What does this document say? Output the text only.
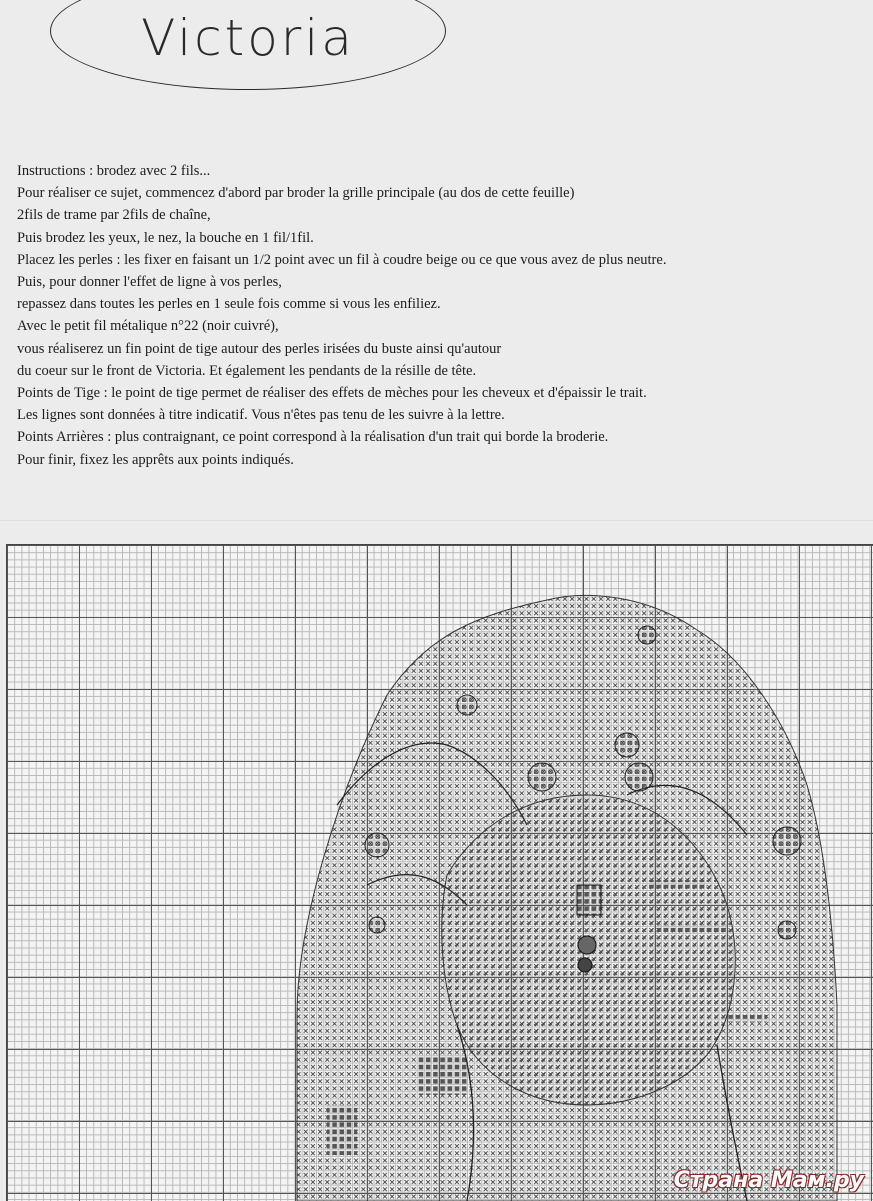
Victoria
Instructions : brodez avec 2 fils...
Pour réaliser ce sujet, commencez d'abord par broder la grille principale (au dos de cette feuille)
2fils de trame par 2fils de chaîne,
Puis brodez les yeux, le nez, la bouche en 1 fil/1fil.
Placez les perles : les fixer en faisant un 1/2 point avec un fil à coudre beige ou ce que vous avez de plus neutre.
Puis, pour donner l'effet de ligne à vos perles,
repassez dans toutes les perles en 1 seule fois comme si vous les enfiliez.
Avec le petit fil métalique n°22 (noir cuivré),
vous réaliserez un fin point de tige autour des perles irisées du buste ainsi qu'autour
du coeur sur le front de Victoria. Et également les pendants de la résille de tête.
Points de Tige : le point de tige permet de réaliser des effets de mèches pour les cheveux et d'épaissir le trait.
Les lignes sont données à titre indicatif. Vous n'êtes pas tenu de les suivre à la lettre.
Points Arrières : plus contraignant, ce point correspond à la réalisation d'un trait qui borde la broderie.
Pour finir, fixez les apprêts aux points indiqués.
Страна Мам.ру
